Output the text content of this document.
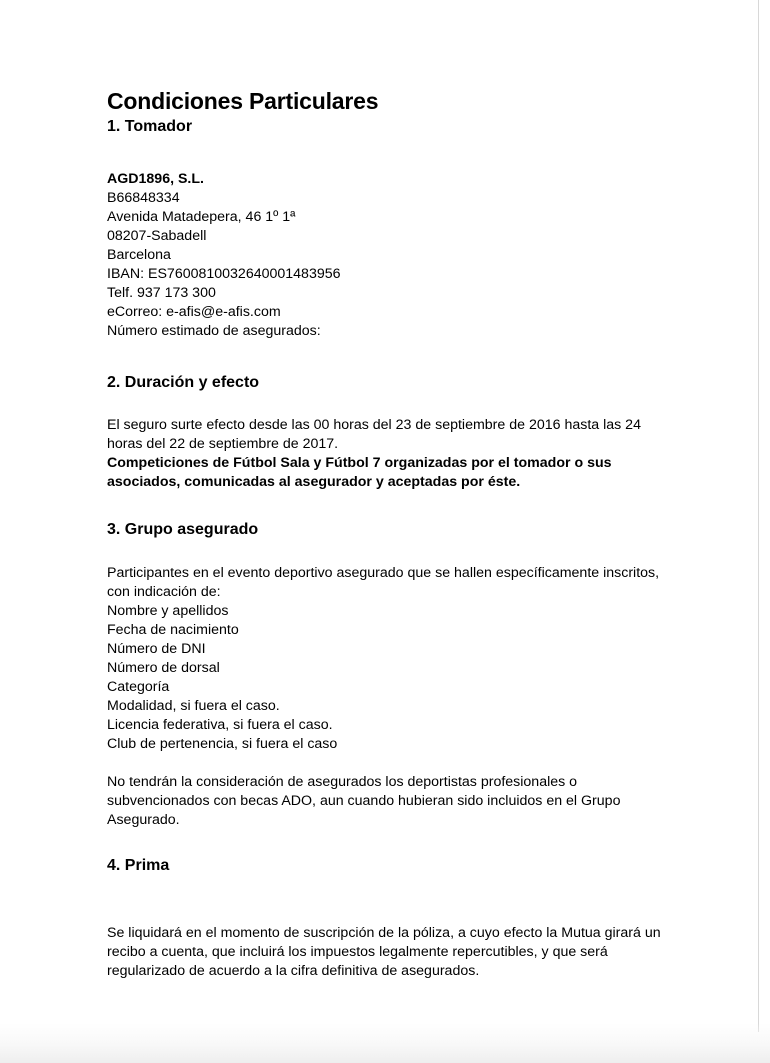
Condiciones Particulares
1. Tomador
AGD1896, S.L.
B66848334
Avenida Matadepera, 46 1º 1ª
08207-Sabadell
Barcelona
IBAN: ES7600810032640001483956
Telf. 937 173 300
eCorreo: e-afis@e-afis.com
Número estimado de asegurados:
2. Duración y efecto

El seguro surte efecto desde las 00 horas del 23 de septiembre de 2016 hasta las 24 horas del 22 de septiembre de 2017.

Competiciones de Fútbol Sala y Fútbol 7 organizadas por el tomador o sus asociados, comunicadas al asegurador y aceptadas por éste.

3. Grupo asegurado

Participantes en el evento deportivo asegurado que se hallen específicamente inscritos, con indicación de:

Nombre y apellidos
Fecha de nacimiento
Número de DNI
Número de dorsal
Categoría
Modalidad, si fuera el caso.
Licencia federativa, si fuera el caso.
Club de pertenencia, si fuera el caso

No tendrán la consideración de asegurados los deportistas profesionales o subvencionados con becas ADO, aun cuando hubieran sido incluidos en el Grupo Asegurado.

4. Prima

Se liquidará en el momento de suscripción de la póliza, a cuyo efecto la Mutua girará un recibo a cuenta, que incluirá los impuestos legalmente repercutibles, y que será regularizado de acuerdo a la cifra definitiva de asegurados.
